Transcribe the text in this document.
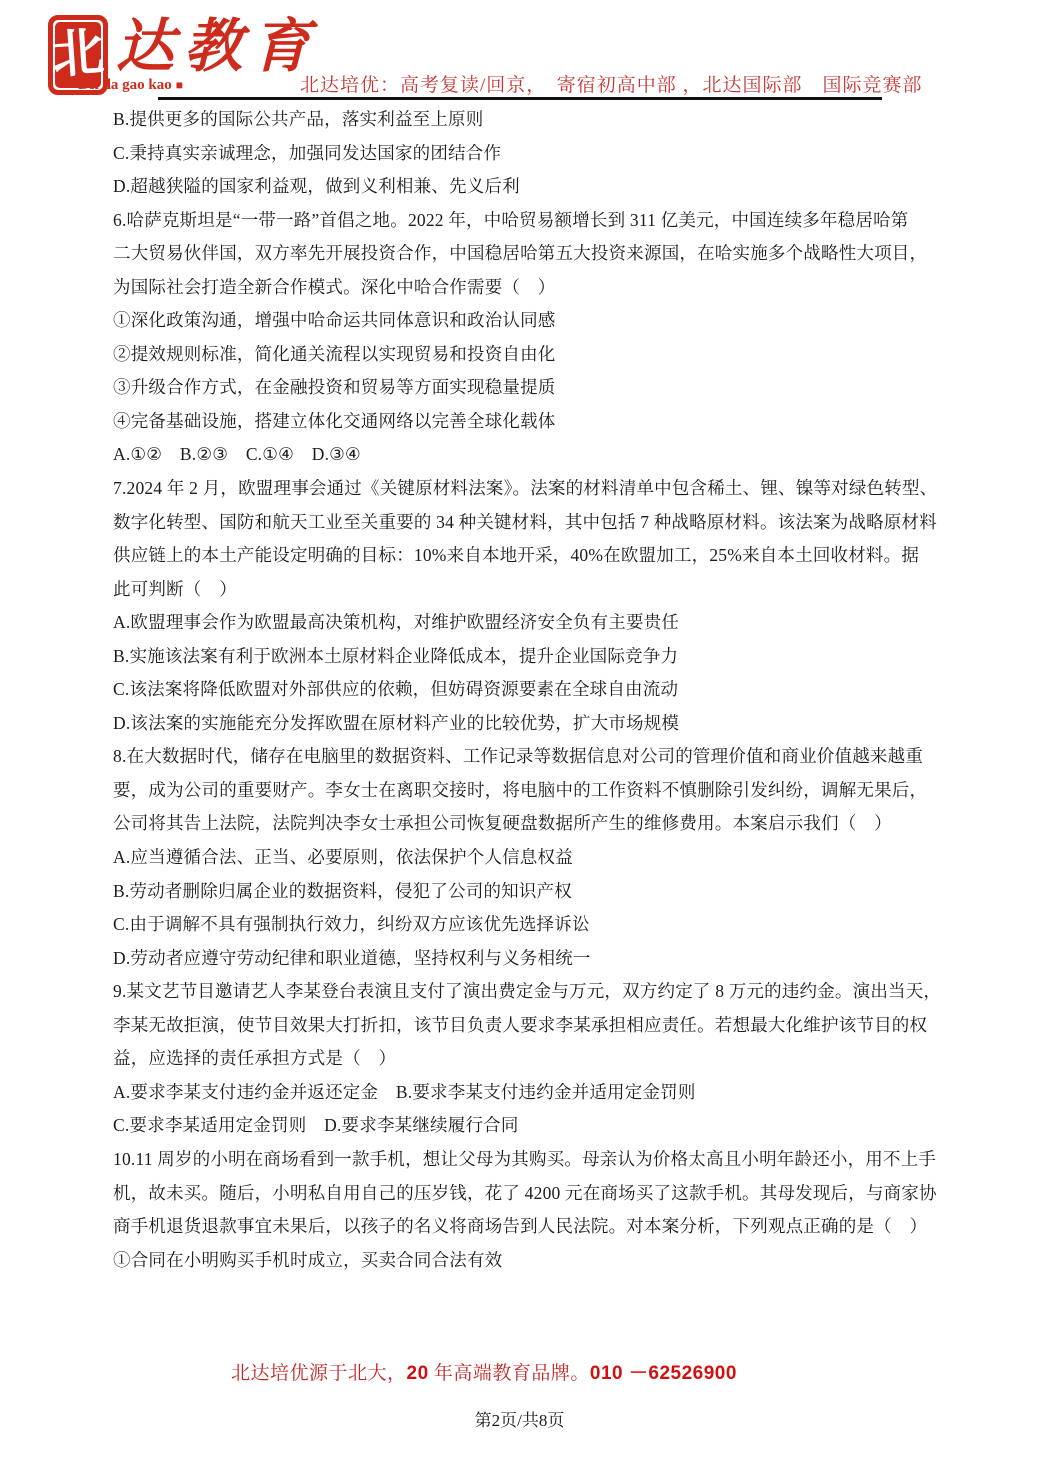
北 达教育
Bei da gao kao ■	北达培优：高考复读/回京，　寄宿初高中部 ，北达国际部　国际竞赛部
B.提供更多的国际公共产品，落实利益至上原则
C.秉持真实亲诚理念，加强同发达国家的团结合作
D.超越狭隘的国家利益观，做到义利相兼、先义后利
6.哈萨克斯坦是“一带一路”首倡之地。2022 年，中哈贸易额增长到 311 亿美元，中国连续多年稳居哈第
二大贸易伙伴国，双方率先开展投资合作，中国稳居哈第五大投资来源国，在哈实施多个战略性大项目，
为国际社会打造全新合作模式。深化中哈合作需要（　）
①深化政策沟通，增强中哈命运共同体意识和政治认同感
②提效规则标准，简化通关流程以实现贸易和投资自由化
③升级合作方式，在金融投资和贸易等方面实现稳量提质
④完备基础设施，搭建立体化交通网络以完善全球化载体
A.①②　B.②③　C.①④　D.③④
7.2024 年 2 月，欧盟理事会通过《关键原材料法案》。法案的材料清单中包含稀土、锂、镍等对绿色转型、
数字化转型、国防和航天工业至关重要的 34 种关键材料，其中包括 7 种战略原材料。该法案为战略原材料
供应链上的本土产能设定明确的目标：10%来自本地开采，40%在欧盟加工，25%来自本土回收材料。据
此可判断（　）
A.欧盟理事会作为欧盟最高决策机构，对维护欧盟经济安全负有主要贵任
B.实施该法案有利于欧洲本土原材料企业降低成本，提升企业国际竞争力
C.该法案将降低欧盟对外部供应的依赖，但妨碍资源要素在全球自由流动
D.该法案的实施能充分发挥欧盟在原材料产业的比较优势，扩大市场规模
8.在大数据时代，储存在电脑里的数据资料、工作记录等数据信息对公司的管理价值和商业价值越来越重
要，成为公司的重要财产。李女士在离职交接时，将电脑中的工作资料不慎删除引发纠纷，调解无果后，
公司将其告上法院，法院判决李女士承担公司恢复硬盘数据所产生的维修费用。本案启示我们（　）
A.应当遵循合法、正当、必要原则，依法保护个人信息权益
B.劳动者删除归属企业的数据资料，侵犯了公司的知识产权
C.由于调解不具有强制执行效力，纠纷双方应该优先选择诉讼
D.劳动者应遵守劳动纪律和职业道德，坚持权利与义务相统一
9.某文艺节目邀请艺人李某登台表演且支付了演出费定金与万元，双方约定了 8 万元的违约金。演出当天，
李某无故拒演，使节目效果大打折扣，该节目负责人要求李某承担相应责任。若想最大化维护该节目的权
益，应选择的责任承担方式是（　）
A.要求李某支付违约金并返还定金　B.要求李某支付违约金并适用定金罚则
C.要求李某适用定金罚则　D.要求李某继续履行合同
10.11 周岁的小明在商场看到一款手机，想让父母为其购买。母亲认为价格太高且小明年龄还小，用不上手
机，故未买。随后，小明私自用自己的压岁钱，花了 4200 元在商场买了这款手机。其母发现后，与商家协
商手机退货退款事宜未果后，以孩子的名义将商场告到人民法院。对本案分析，下列观点正确的是（　）
①合同在小明购买手机时成立，买卖合同合法有效
北达培优源于北大，20 年高端教育品牌。010 －62526900
第2页/共8页
